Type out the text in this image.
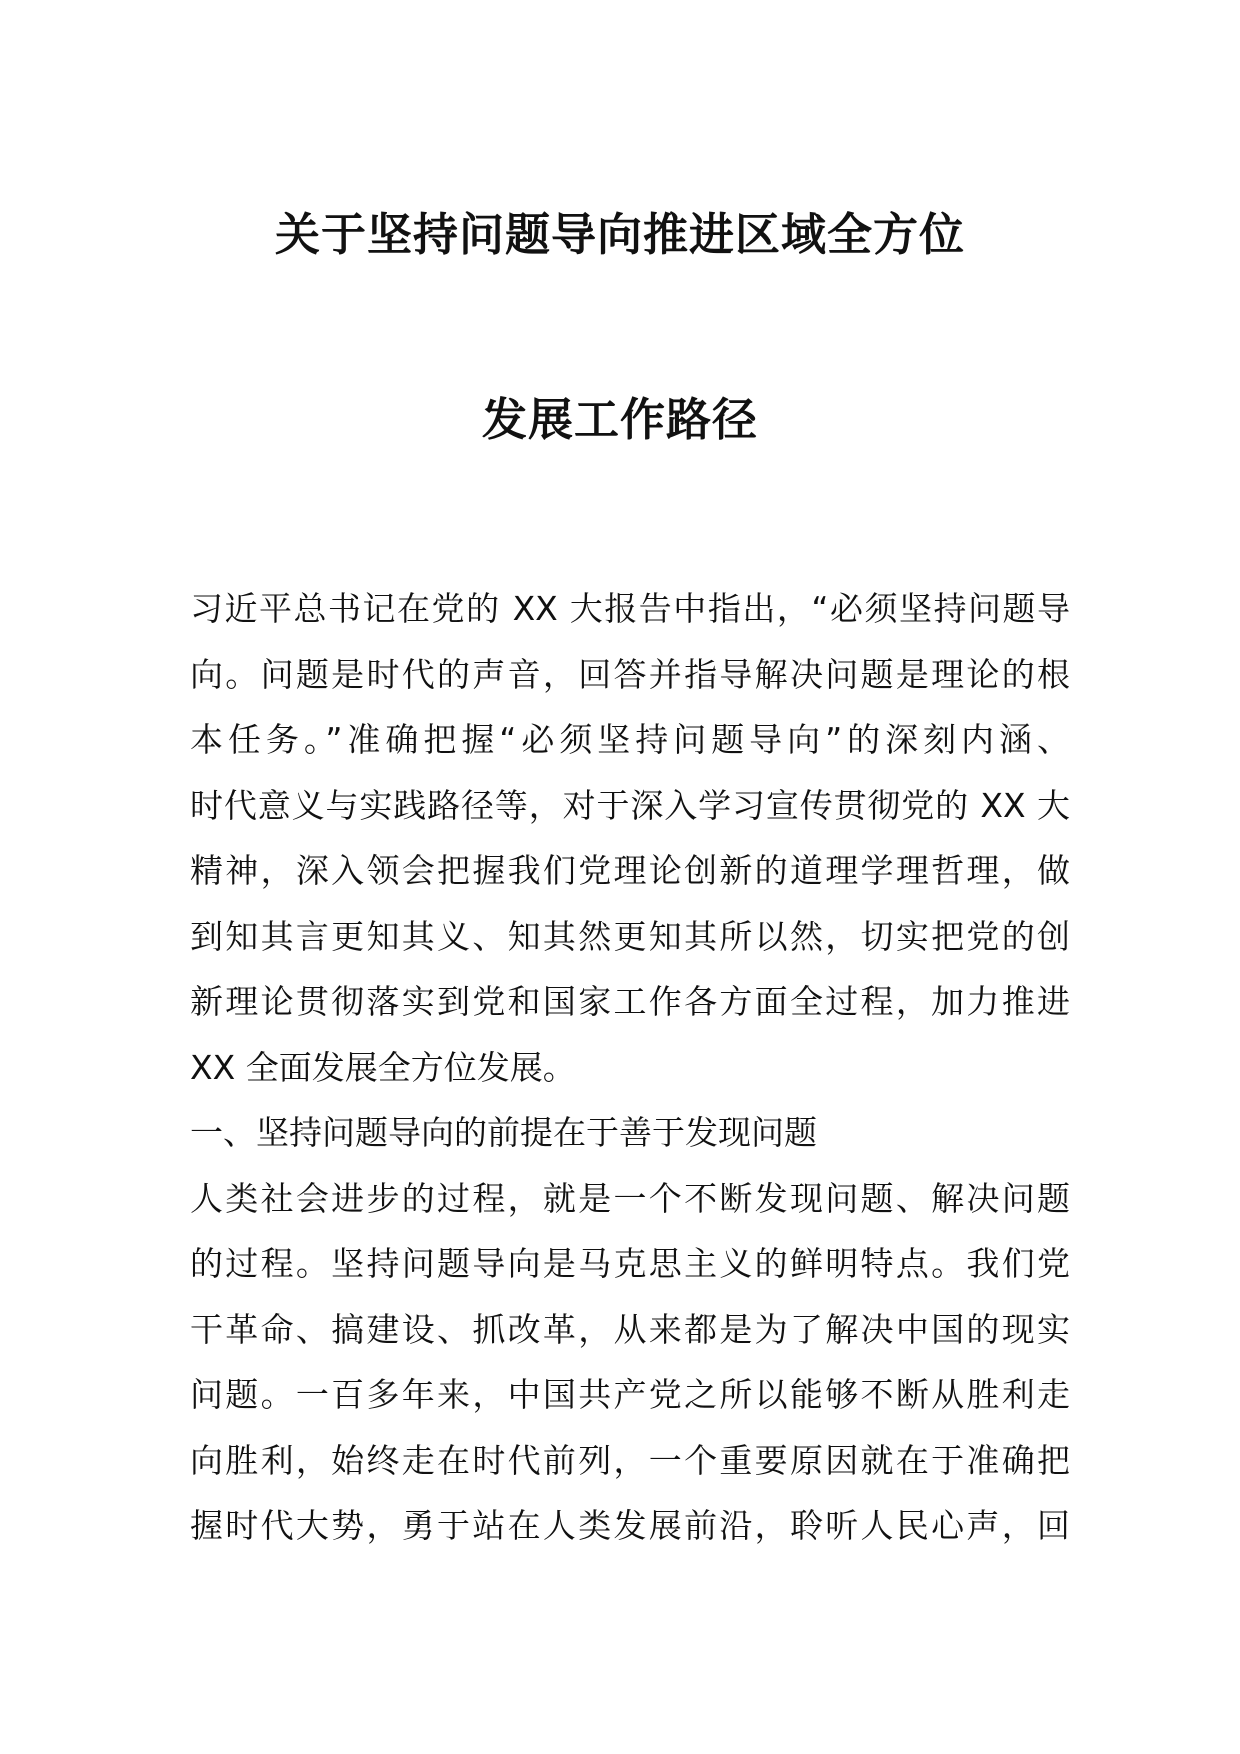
关于坚持问题导向推进区域全方位
发展工作路径
习近平总书记在党的 XX 大报告中指出，“必须坚持问题导
向。问题是时代的声音，回答并指导解决问题是理论的根
本任务。”准确把握“必须坚持问题导向”的深刻内涵、
时代意义与实践路径等，对于深入学习宣传贯彻党的 XX 大
精神，深入领会把握我们党理论创新的道理学理哲理，做
到知其言更知其义、知其然更知其所以然，切实把党的创
新理论贯彻落实到党和国家工作各方面全过程，加力推进
XX 全面发展全方位发展。
一、坚持问题导向的前提在于善于发现问题
人类社会进步的过程，就是一个不断发现问题、解决问题
的过程。坚持问题导向是马克思主义的鲜明特点。我们党
干革命、搞建设、抓改革，从来都是为了解决中国的现实
问题。一百多年来，中国共产党之所以能够不断从胜利走
向胜利，始终走在时代前列，一个重要原因就在于准确把
握时代大势，勇于站在人类发展前沿，聆听人民心声，回
